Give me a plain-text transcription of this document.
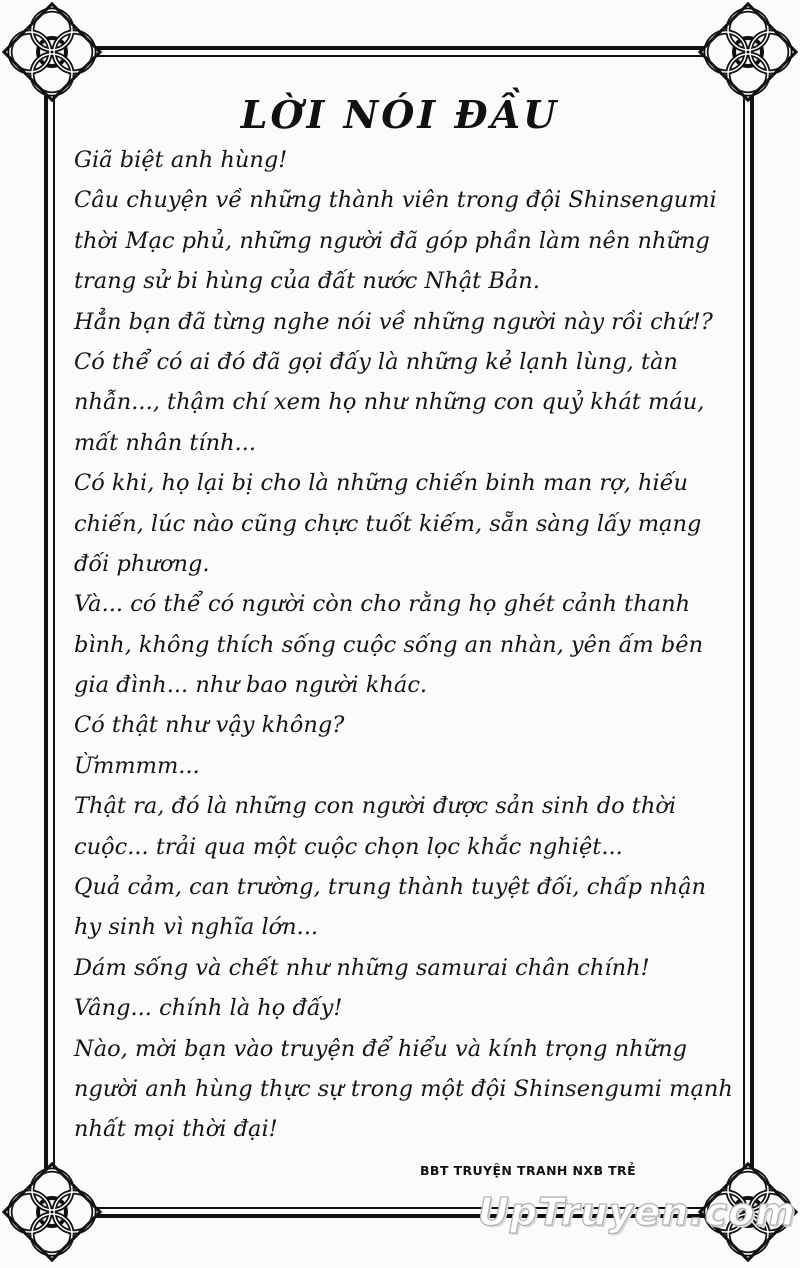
LỜI NÓI ĐẦU
Giã biệt anh hùng!
Câu chuyện về những thành viên trong đội Shinsengumi
thời Mạc phủ, những người đã góp phần làm nên những
trang sử bi hùng của đất nước Nhật Bản.
Hẳn bạn đã từng nghe nói về những người này rồi chứ!?
Có thể có ai đó đã gọi đấy là những kẻ lạnh lùng, tàn
nhẫn..., thậm chí xem họ như những con quỷ khát máu,
mất nhân tính...
Có khi, họ lại bị cho là những chiến binh man rợ, hiếu
chiến, lúc nào cũng chực tuốt kiếm, sẵn sàng lấy mạng
đối phương.
Và... có thể có người còn cho rằng họ ghét cảnh thanh
bình, không thích sống cuộc sống an nhàn, yên ấm bên
gia đình... như bao người khác.
Có thật như vậy không?
Ừmmmm...
Thật ra, đó là những con người được sản sinh do thời
cuộc... trải qua một cuộc chọn lọc khắc nghiệt...
Quả cảm, can trường, trung thành tuyệt đối, chấp nhận
hy sinh vì nghĩa lớn...
Dám sống và chết như những samurai chân chính!
Vâng... chính là họ đấy!
Nào, mời bạn vào truyện để hiểu và kính trọng những
người anh hùng thực sự trong một đội Shinsengumi mạnh
nhất mọi thời đại!
BBT TRUYỆN TRANH NXB TRẺ
UpTruyen.com
